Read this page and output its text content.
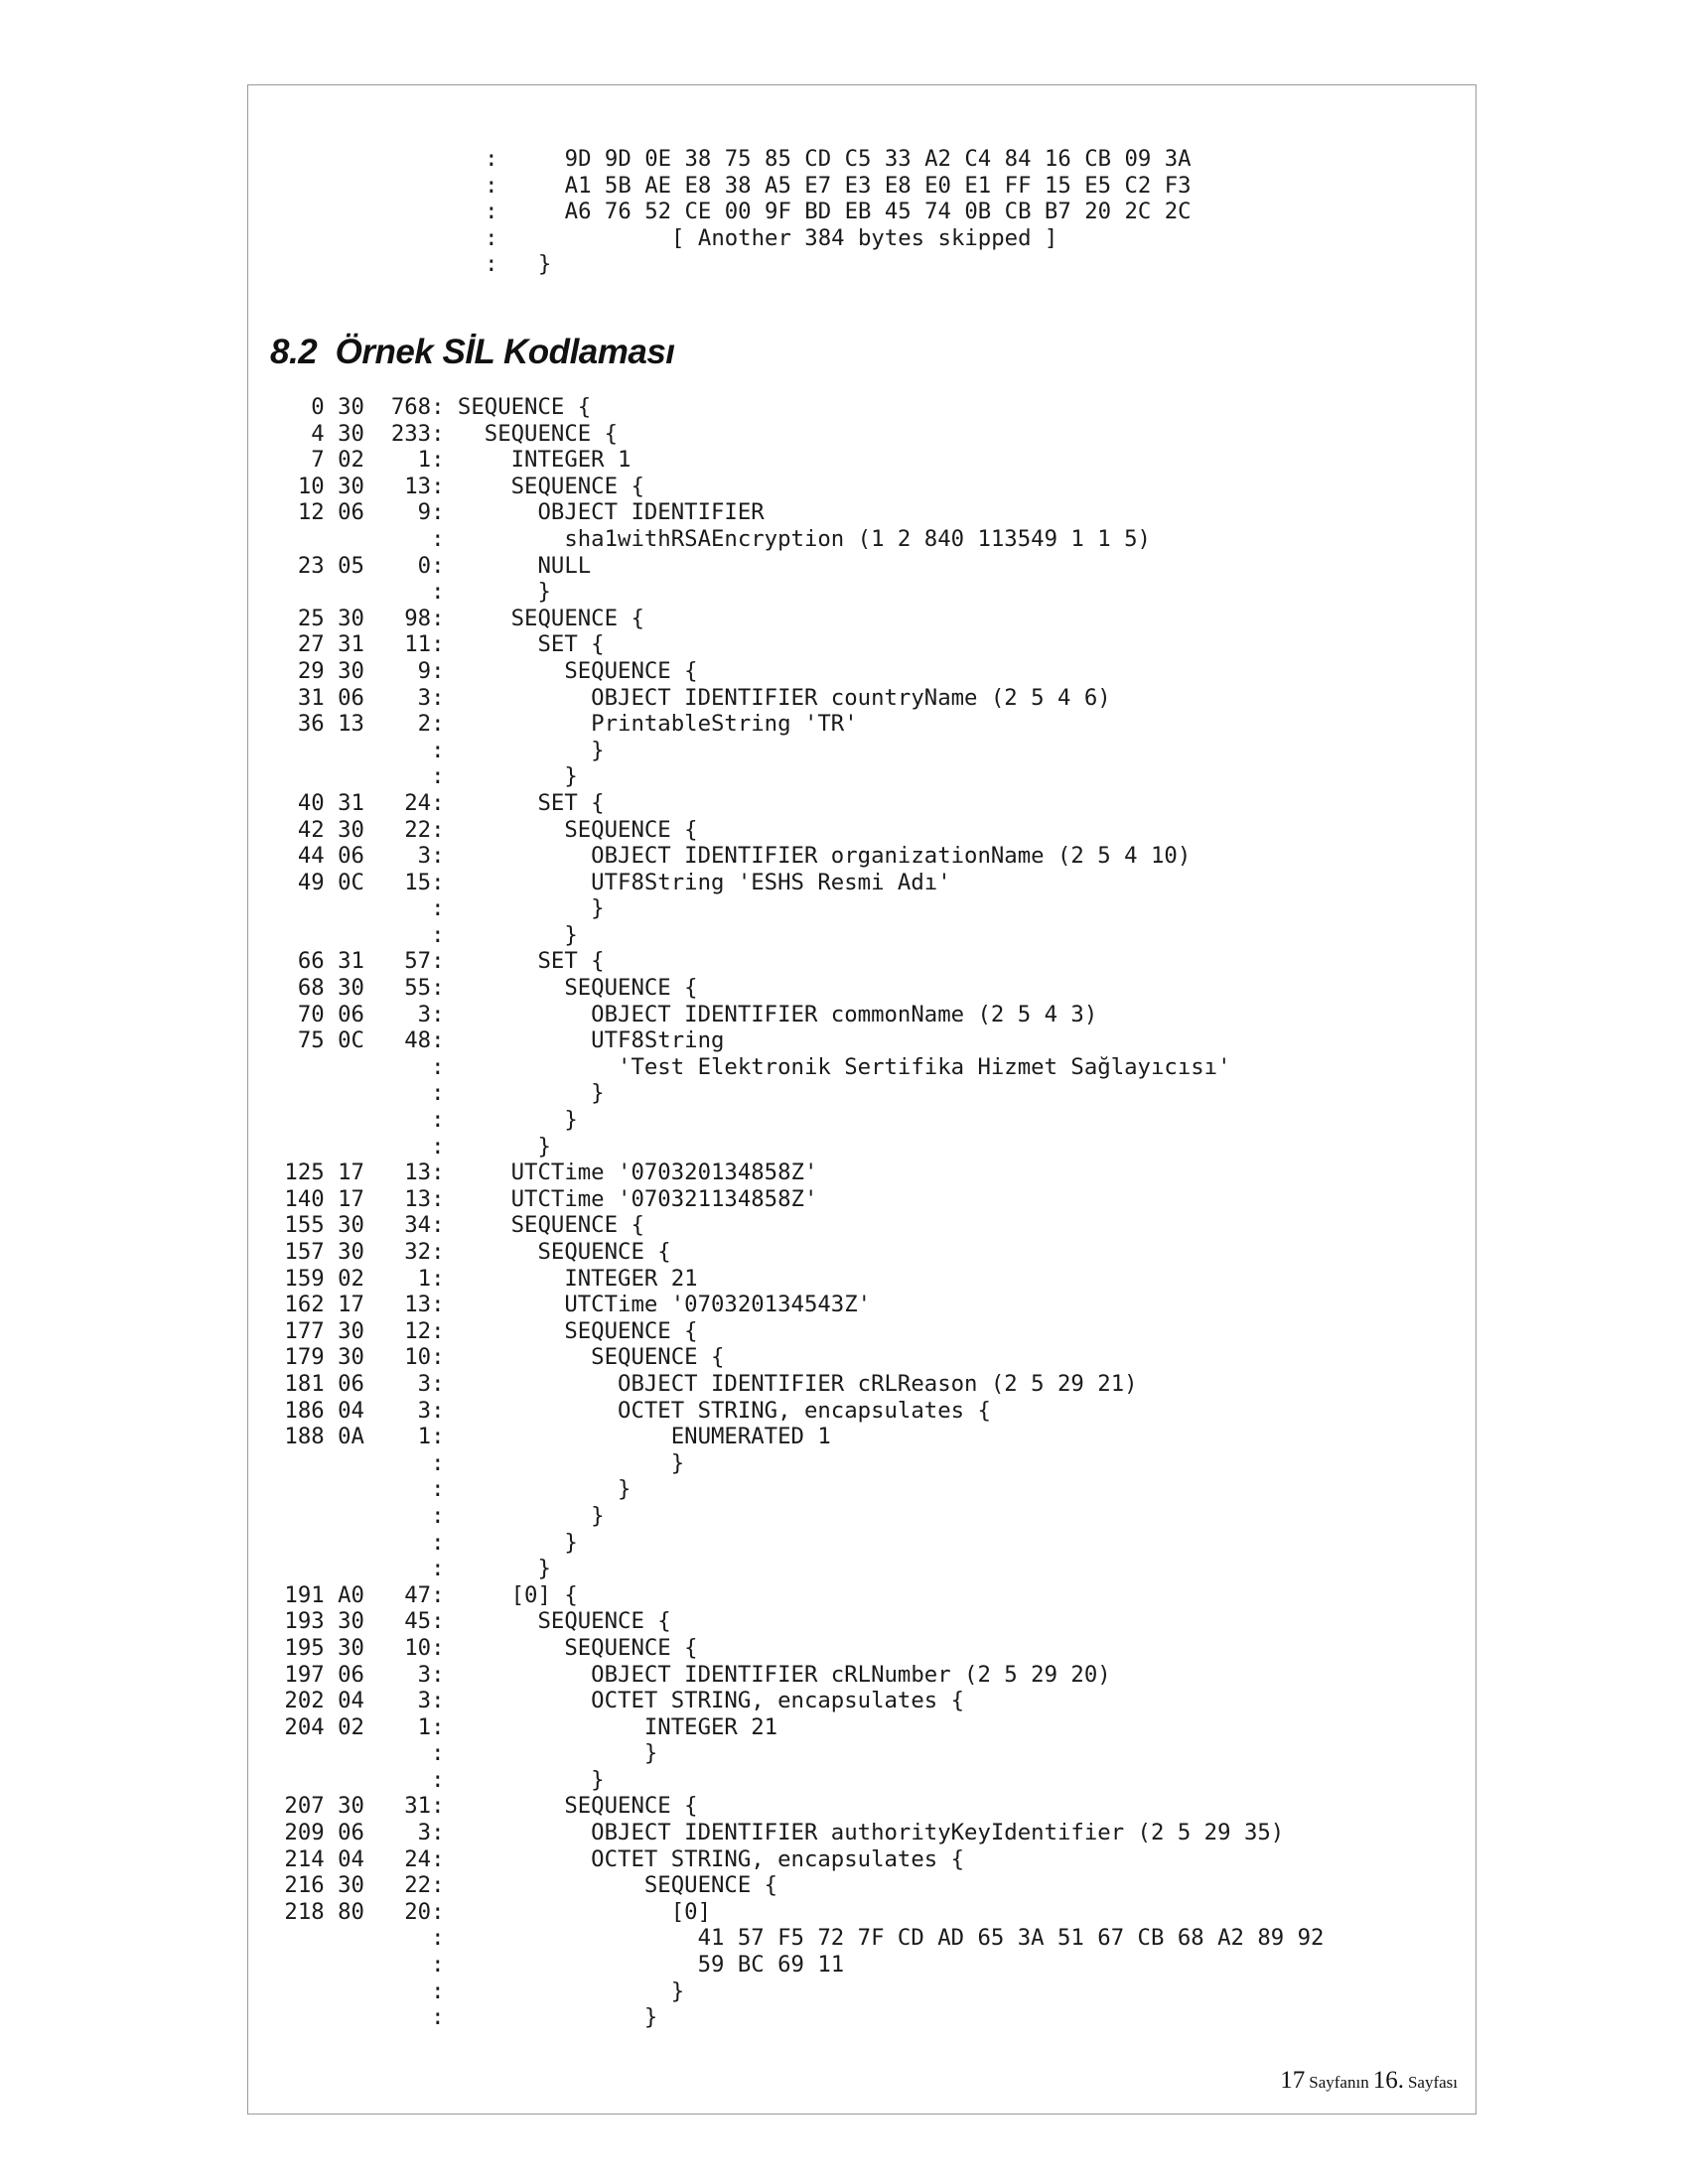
:     9D 9D 0E 38 75 85 CD C5 33 A2 C4 84 16 CB 09 3A
:     A1 5B AE E8 38 A5 E7 E3 E8 E0 E1 FF 15 E5 C2 F3
:     A6 76 52 CE 00 9F BD EB 45 74 0B CB B7 20 2C 2C
:             [ Another 384 bytes skipped ]
:   }
8.2 Örnek SİL Kodlaması
0 30  768: SEQUENCE {
4 30  233:   SEQUENCE {
7 02    1:     INTEGER 1
10 30   13:     SEQUENCE {
12 06    9:       OBJECT IDENTIFIER
:         sha1withRSAEncryption (1 2 840 113549 1 1 5)
23 05    0:       NULL
:       }
25 30   98:     SEQUENCE {
27 31   11:       SET {
29 30    9:         SEQUENCE {
31 06    3:           OBJECT IDENTIFIER countryName (2 5 4 6)
36 13    2:           PrintableString 'TR'
:           }
:         }
40 31   24:       SET {
42 30   22:         SEQUENCE {
44 06    3:           OBJECT IDENTIFIER organizationName (2 5 4 10)
49 0C   15:           UTF8String 'ESHS Resmi Adı'
:           }
:         }
66 31   57:       SET {
68 30   55:         SEQUENCE {
70 06    3:           OBJECT IDENTIFIER commonName (2 5 4 3)
75 0C   48:           UTF8String
:             'Test Elektronik Sertifika Hizmet Sağlayıcısı'
:           }
:         }
:       }
125 17   13:     UTCTime '070320134858Z'
140 17   13:     UTCTime '070321134858Z'
155 30   34:     SEQUENCE {
157 30   32:       SEQUENCE {
159 02    1:         INTEGER 21
162 17   13:         UTCTime '070320134543Z'
177 30   12:         SEQUENCE {
179 30   10:           SEQUENCE {
181 06    3:             OBJECT IDENTIFIER cRLReason (2 5 29 21)
186 04    3:             OCTET STRING, encapsulates {
188 0A    1:                 ENUMERATED 1
:                 }
:             }
:           }
:         }
:       }
191 A0   47:     [0] {
193 30   45:       SEQUENCE {
195 30   10:         SEQUENCE {
197 06    3:           OBJECT IDENTIFIER cRLNumber (2 5 29 20)
202 04    3:           OCTET STRING, encapsulates {
204 02    1:               INTEGER 21
:               }
:           }
207 30   31:         SEQUENCE {
209 06    3:           OBJECT IDENTIFIER authorityKeyIdentifier (2 5 29 35)
214 04   24:           OCTET STRING, encapsulates {
216 30   22:               SEQUENCE {
218 80   20:                 [0]
:                   41 57 F5 72 7F CD AD 65 3A 51 67 CB 68 A2 89 92
:                   59 BC 69 11
:                 }
:               }
17 Sayfanın 16. Sayfası
